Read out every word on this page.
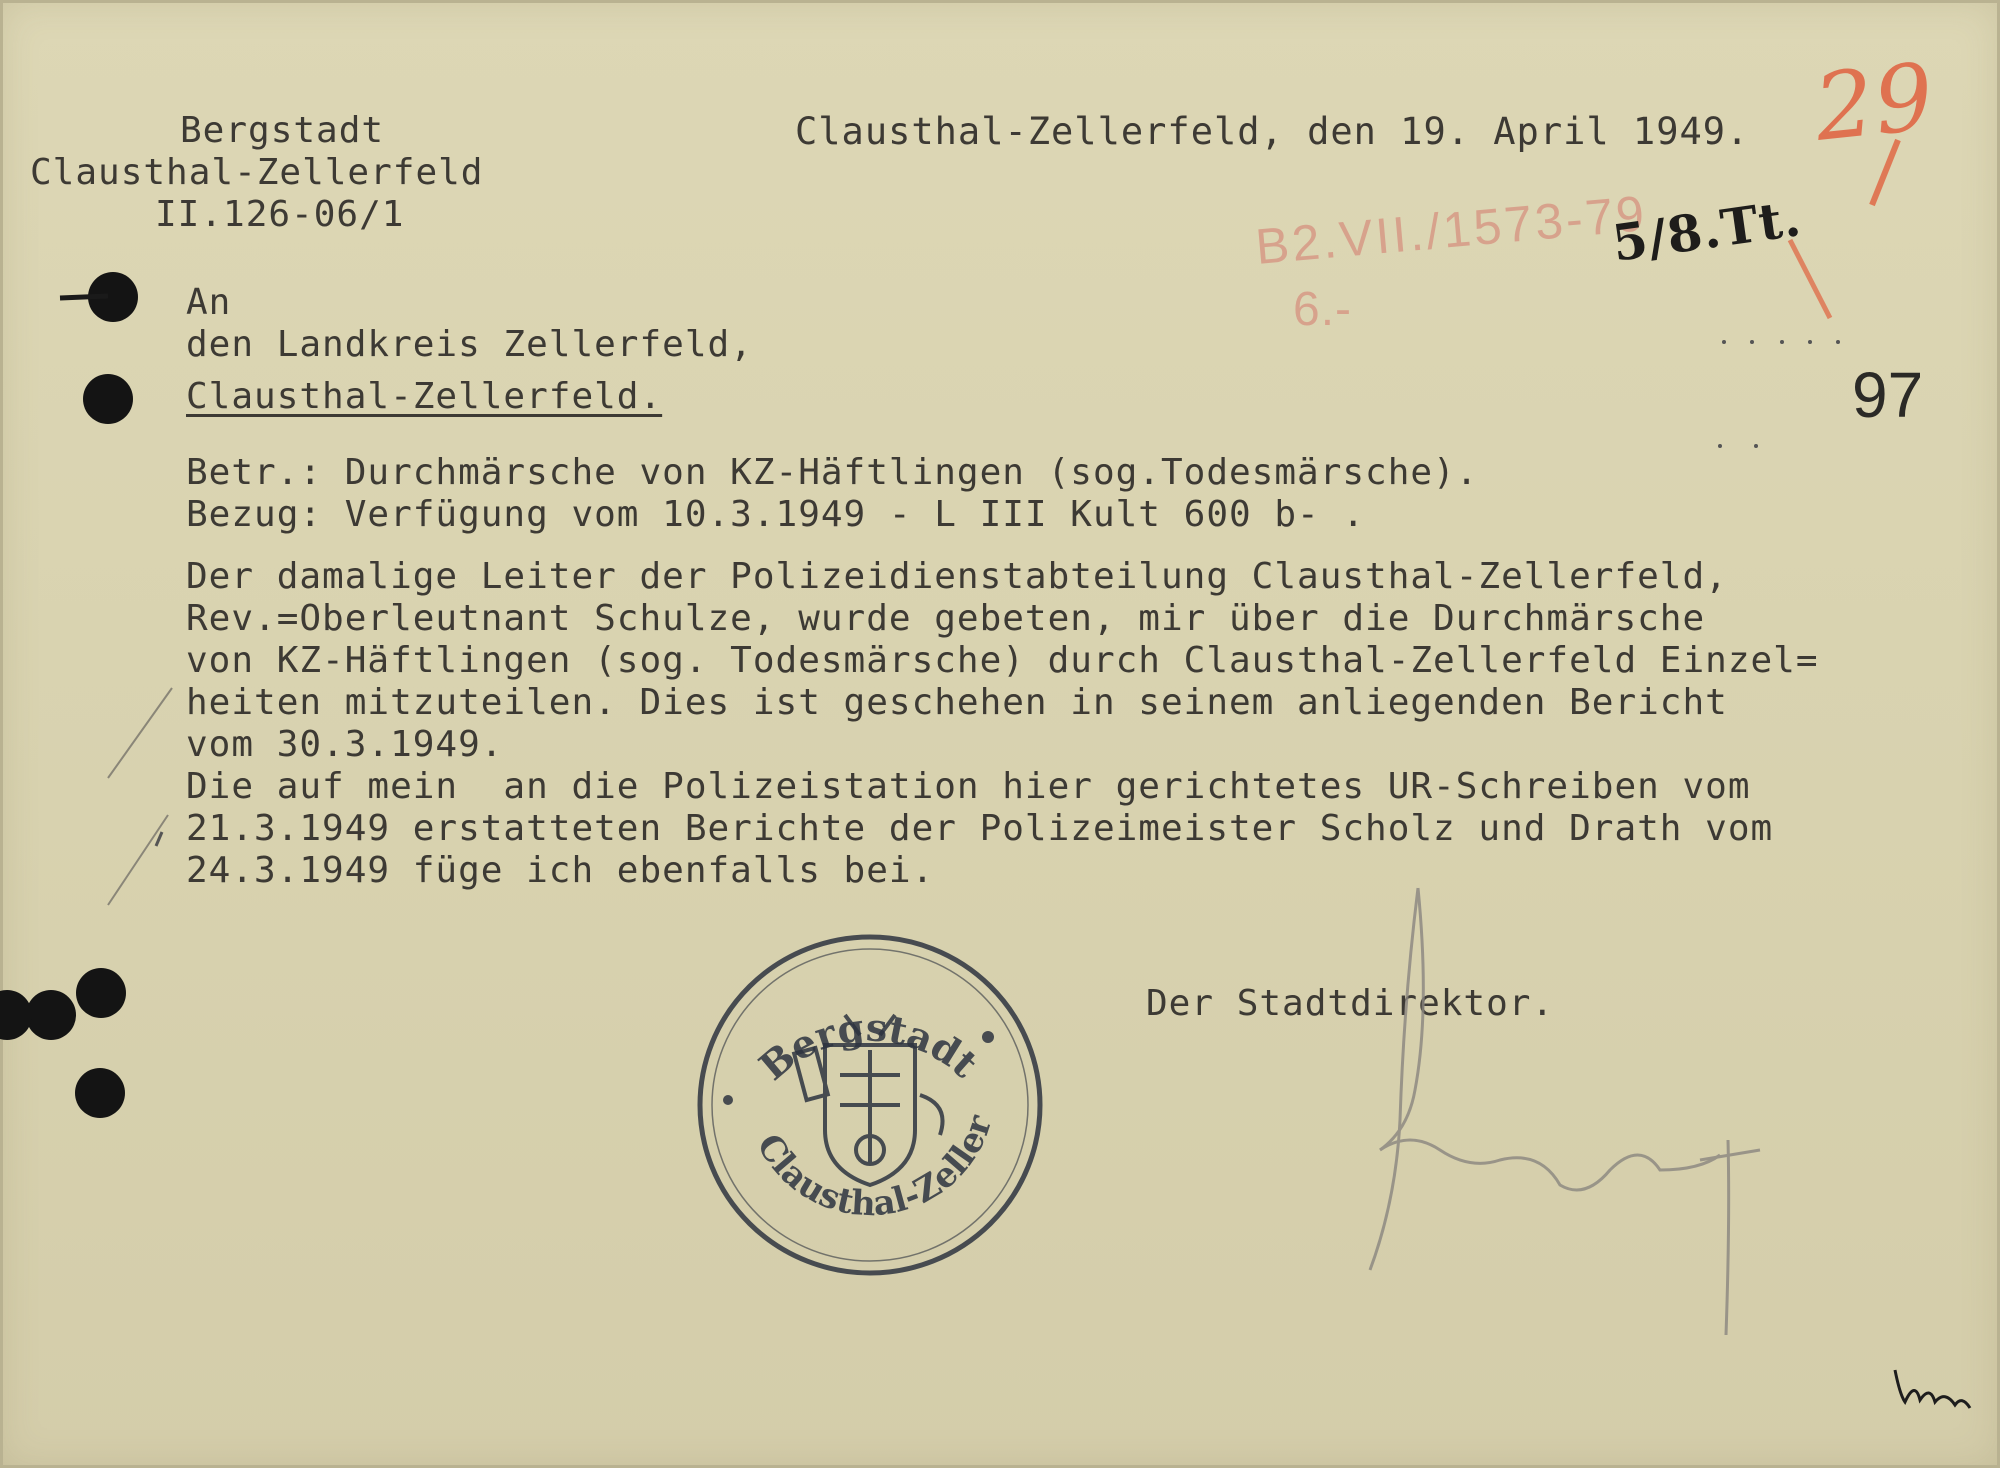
Bergstadt
Clausthal-Zellerfeld
II.126-06/1
Clausthal-Zellerfeld, den 19. April 1949. 29
B2.VII./1573-79
6.-
5/8.Tt.
97
An
den Landkreis Zellerfeld,
Clausthal-Zellerfeld.
Betr.: Durchmärsche von KZ-Häftlingen (sog.Todesmärsche).
Bezug: Verfügung vom 10.3.1949 - L III Kult 600 b- .
Der damalige Leiter der Polizeidienstabteilung Clausthal-Zellerfeld,
Rev.=Oberleutnant Schulze, wurde gebeten, mir über die Durchmärsche
von KZ-Häftlingen (sog. Todesmärsche) durch Clausthal-Zellerfeld Einzel=
heiten mitzuteilen. Dies ist geschehen in seinem anliegenden Bericht
vom 30.3.1949.
Die auf mein  an die Polizeistation hier gerichtetes UR-Schreiben vom
21.3.1949 erstatteten Berichte der Polizeimeister Scholz und Drath vom
24.3.1949 füge ich ebenfalls bei.
Der Stadtdirektor.
Bergstadt
Clausthal-Zellerfeld
